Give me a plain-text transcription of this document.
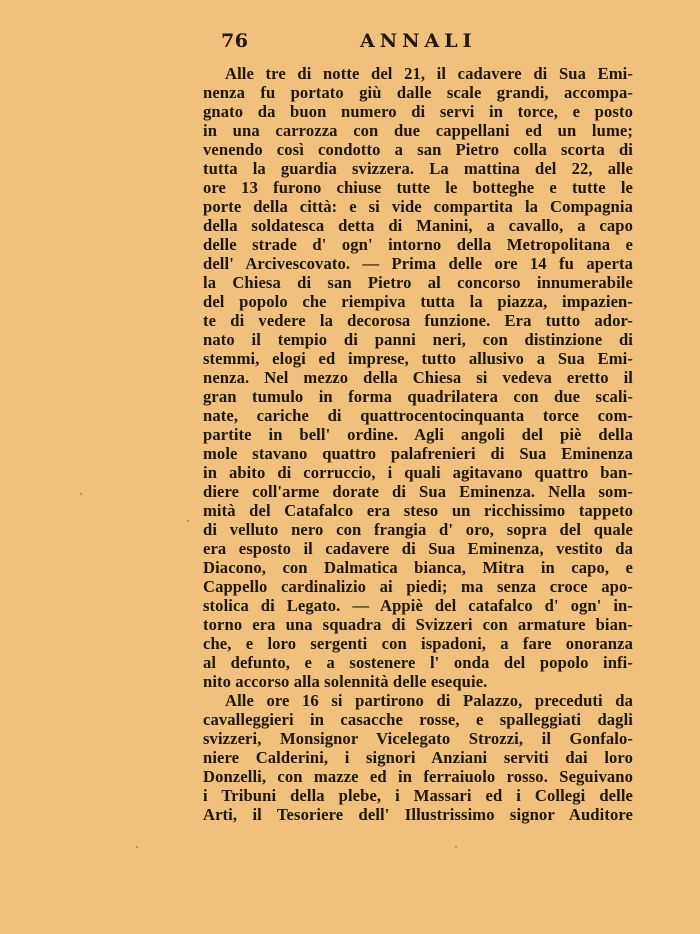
76	ANNALI
Alle tre di notte del 21, il cadavere di Sua Emi-
nenza fu portato giù dalle scale grandi, accompa-
gnato da buon numero di servi in torce, e posto
in una carrozza con due cappellani ed un lume;
venendo così condotto a san Pietro colla scorta di
tutta la guardia svizzera. La mattina del 22, alle
ore 13 furono chiuse tutte le botteghe e tutte le
porte della città: e si vide compartita la Compagnia
della soldatesca detta di Manini, a cavallo, a capo
delle strade d' ogn' intorno della Metropolitana e
dell' Arcivescovato. — Prima delle ore 14 fu aperta
la Chiesa di san Pietro al concorso innumerabile
del popolo che riempiva tutta la piazza, impazien-
te di vedere la decorosa funzione. Era tutto ador-
nato il tempio di panni neri, con distinzione di
stemmi, elogi ed imprese, tutto allusivo a Sua Emi-
nenza. Nel mezzo della Chiesa si vedeva eretto il
gran tumulo in forma quadrilatera con due scali-
nate, cariche di quattrocentocinquanta torce com-
partite in bell' ordine. Agli angoli del piè della
mole stavano quattro palafrenieri di Sua Eminenza
in abito di corruccio, i quali agitavano quattro ban-
diere coll'arme dorate di Sua Eminenza. Nella som-
mità del Catafalco era steso un ricchissimo tappeto
di velluto nero con frangia d' oro, sopra del quale
era esposto il cadavere di Sua Eminenza, vestito da
Diacono, con Dalmatica bianca, Mitra in capo, e
Cappello cardinalizio ai piedi; ma senza croce apo-
stolica di Legato. — Appiè del catafalco d' ogn' in-
torno era una squadra di Svizzeri con armature bian-
che, e loro sergenti con ispadoni, a fare onoranza
al defunto, e a sostenere l' onda del popolo infi-
nito accorso alla solennità delle esequie.
Alle ore 16 si partirono di Palazzo, preceduti da
cavalleggieri in casacche rosse, e spalleggiati dagli
svizzeri, Monsignor Vicelegato Strozzi, il Gonfalo-
niere Calderini, i signori Anziani serviti dai loro
Donzelli, con mazze ed in ferraiuolo rosso. Seguivano
i Tribuni della plebe, i Massari ed i Collegi delle
Arti, il Tesoriere dell' Illustrissimo signor Auditore
